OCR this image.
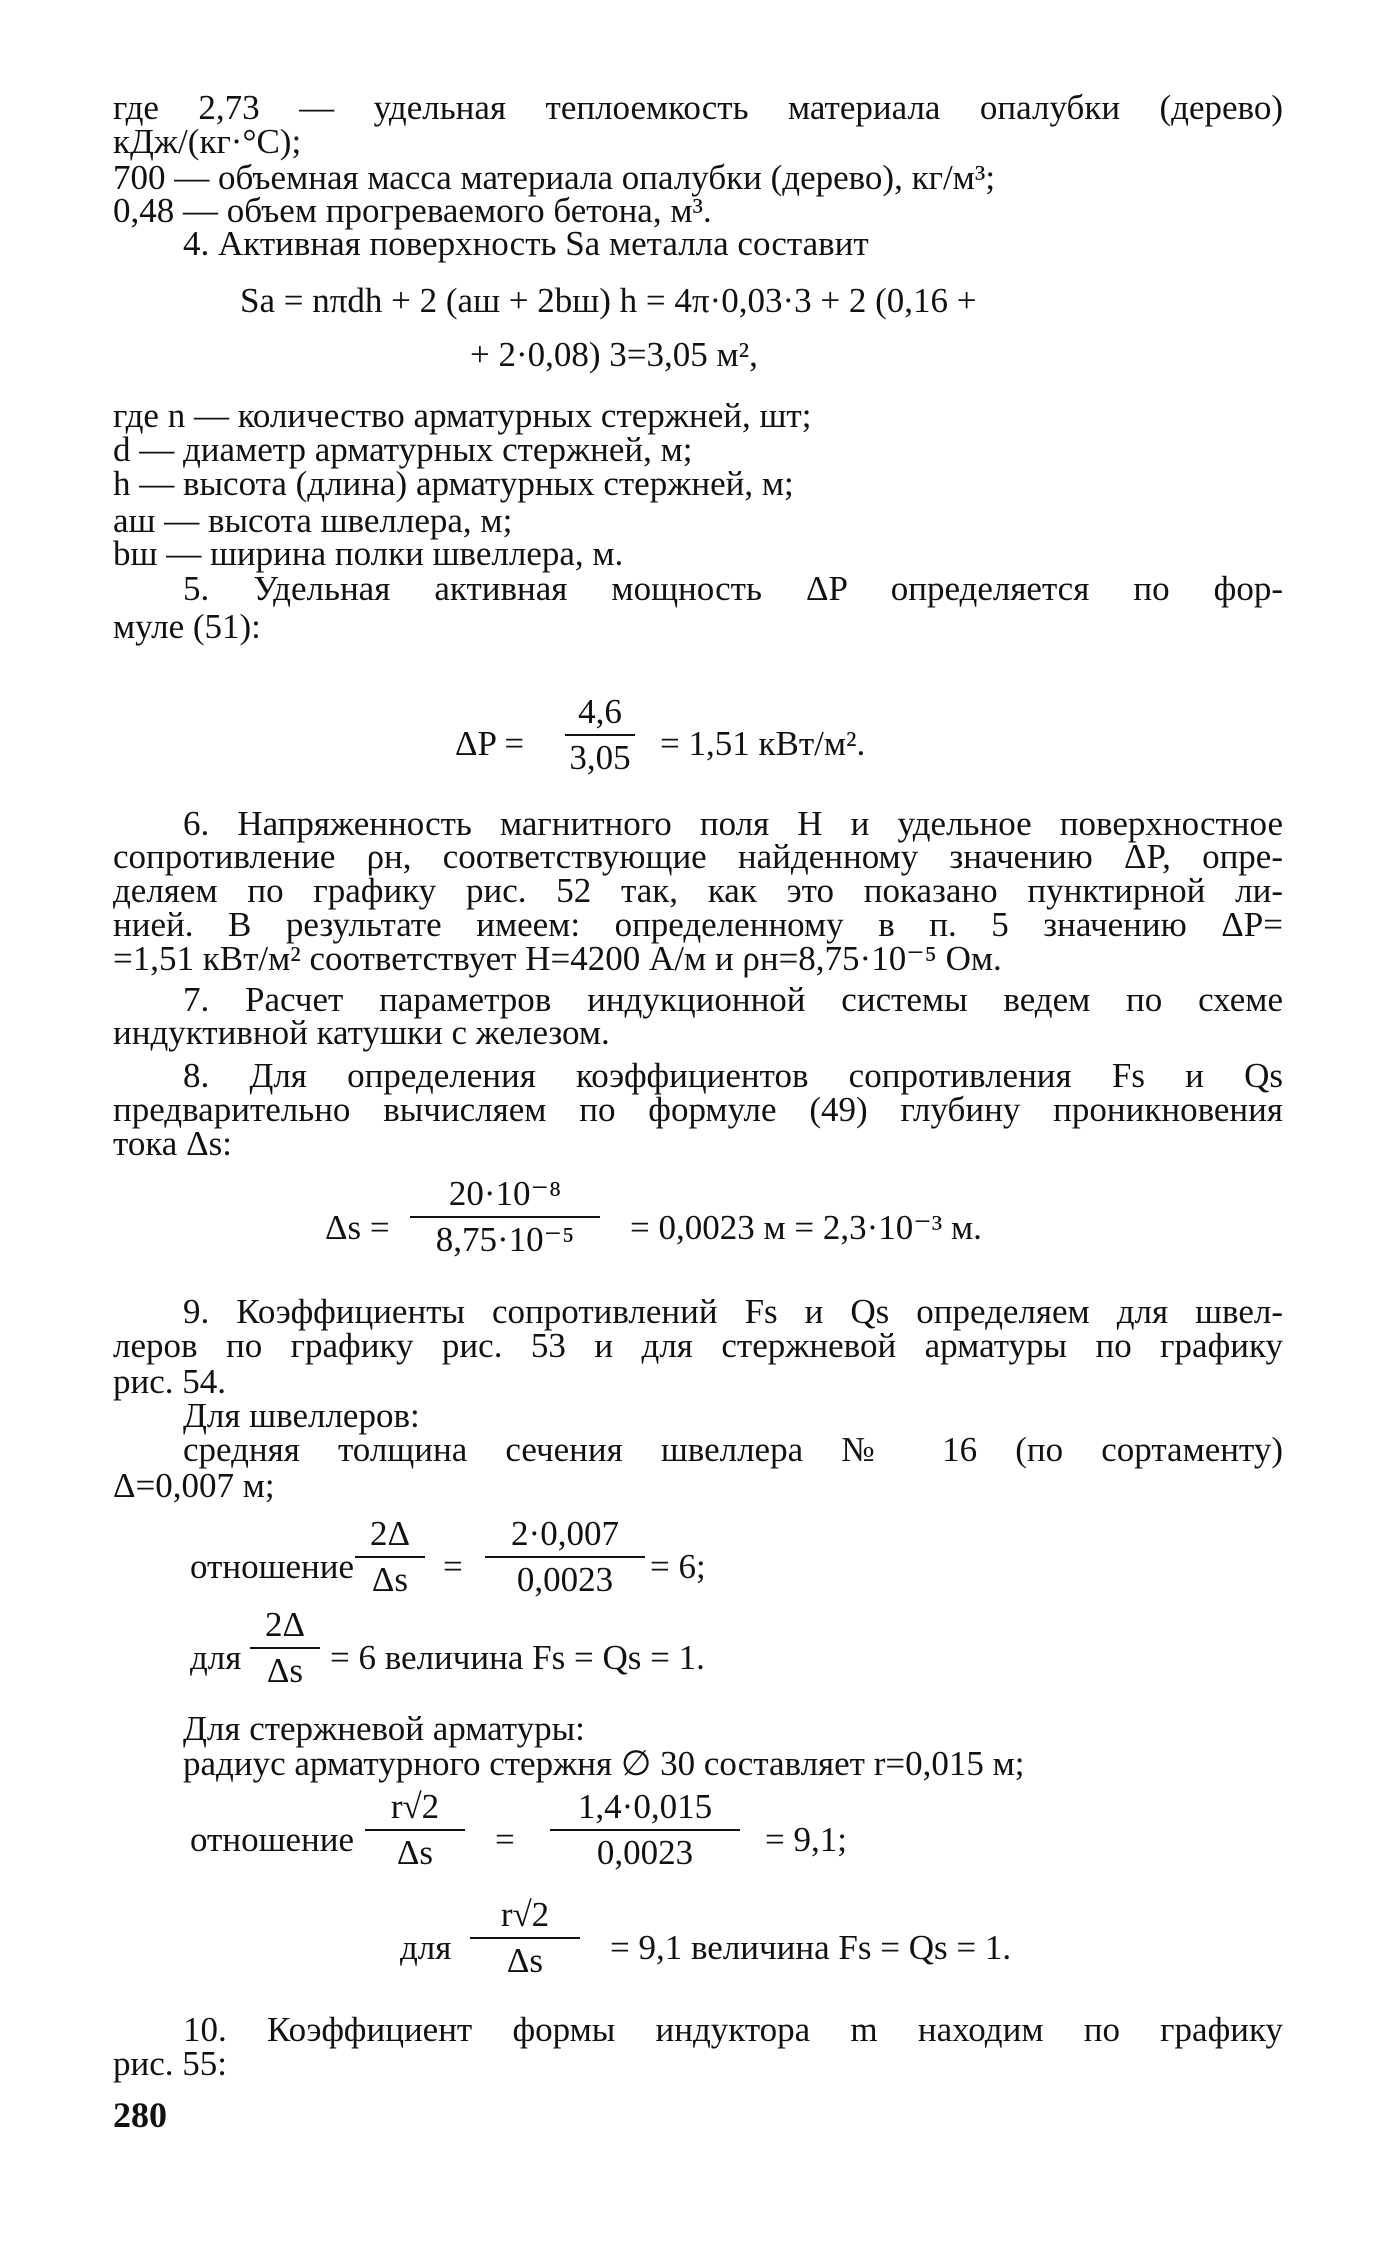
где 2,73 — удельная теплоемкость материала опалубки (дерево)
кДж/(кг·°С);
700 — объемная масса материала опалубки (дерево), кг/м³;
0,48 — объем прогреваемого бетона, м³.
4. Активная поверхность Sа металла составит
Sа = nπdh + 2 (aш + 2bш) h = 4π·0,03·3 + 2 (0,16 +
+ 2·0,08) 3=3,05 м²,
где n — количество арматурных стержней, шт;
d — диаметр арматурных стержней, м;
h — высота (длина) арматурных стержней, м;
aш — высота швеллера, м;
bш — ширина полки швеллера, м.
5. Удельная активная мощность ΔP определяется по фор-
муле (51):
ΔP =
4,6
3,05 = 1,51 кВт/м².
6. Напряженность магнитного поля H и удельное поверхностное
сопротивление ρн, соответствующие найденному значению ΔP, опре-
деляем по графику рис. 52 так, как это показано пунктирной ли-
нией. В результате имеем: определенному в п. 5 значению ΔP=
=1,51 кВт/м² соответствует H=4200 А/м и ρн=8,75·10⁻⁵ Ом.
7. Расчет параметров индукционной системы ведем по схеме
индуктивной катушки с железом.
8. Для определения коэффициентов сопротивления Fs и Qs
предварительно вычисляем по формуле (49) глубину проникновения
тока Δs:
Δs =
20·10⁻⁸
8,75·10⁻⁵	= 0,0023 м = 2,3·10⁻³ м.
9. Коэффициенты сопротивлений Fs и Qs определяем для швел-
леров по графику рис. 53 и для стержневой арматуры по графику
рис. 54.
Для швеллеров:
средняя толщина сечения швеллера № 16 (по сортаменту)
Δ=0,007 м;
отношение
2Δ
Δs =
2·0,007
0,0023	= 6;
для
2Δ
Δs = 6 величина Fs = Qs = 1.
Для стержневой арматуры:
радиус арматурного стержня ∅ 30 составляет r=0,015 м;
отношение
r√2
Δs	=
1,4·0,015
0,0023	= 9,1;
для
r√2
Δs	= 9,1 величина Fs = Qs = 1.
10. Коэффициент формы индуктора m находим по графику
рис. 55:
280
